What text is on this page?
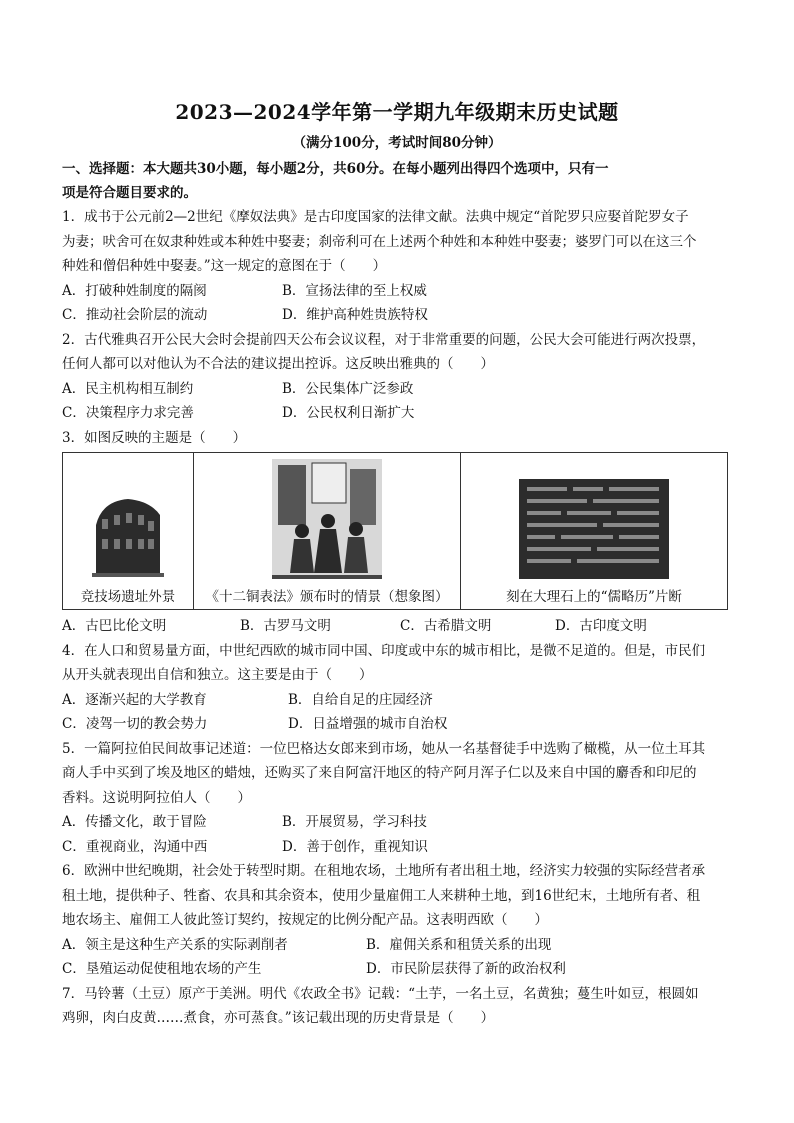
2023—2024学年第一学期九年级期末历史试题
（满分100分，考试时间80分钟）

一、选择题：本大题共30小题，每小题2分，共60分。在每小题列出得四个选项中，只有一

项是符合题目要求的。

1．成书于公元前2—2世纪《摩奴法典》是古印度国家的法律文献。法典中规定“首陀罗只应娶首陀罗女子

为妻；吠舍可在奴隶种姓或本种姓中娶妻；刹帝利可在上述两个种姓和本种姓中娶妻；婆罗门可以在这三个

种姓和僧侣种姓中娶妻。”这一规定的意图在于（　　）

A．打破种姓制度的隔阂	B．宣扬法律的至上权威
C．推动社会阶层的流动	D．维护高种姓贵族特权

2．古代雅典召开公民大会时会提前四天公布会议议程，对于非常重要的问题，公民大会可能进行两次投票，

任何人都可以对他认为不合法的建议提出控诉。这反映出雅典的（　　）

A．民主机构相互制约	B．公民集体广泛参政
C．决策程序力求完善	D．公民权利日渐扩大

3．如图反映的主题是（　　）

竞技场遗址外景	《十二铜表法》颁布时的情景（想象图）	刻在大理石上的“儒略历”片断
A．古巴比伦文明	B．古罗马文明	C．古希腊文明	D．古印度文明

4．在人口和贸易量方面，中世纪西欧的城市同中国、印度或中东的城市相比，是微不足道的。但是，市民们

从开头就表现出自信和独立。这主要是由于（　　）

A．逐渐兴起的大学教育	B．自给自足的庄园经济
C．凌驾一切的教会势力	D．日益增强的城市自治权

5．一篇阿拉伯民间故事记述道：一位巴格达女郎来到市场，她从一名基督徒手中选购了橄榄，从一位土耳其

商人手中买到了埃及地区的蜡烛，还购买了来自阿富汗地区的特产阿月浑子仁以及来自中国的麝香和印尼的

香料。这说明阿拉伯人（　　）

A．传播文化，敢于冒险	B．开展贸易，学习科技
C．重视商业，沟通中西	D．善于创作，重视知识

6．欧洲中世纪晚期，社会处于转型时期。在租地农场，土地所有者出租土地，经济实力较强的实际经营者承

租土地，提供种子、牲畜、农具和其余资本，使用少量雇佣工人来耕种土地，到16世纪末，土地所有者、租

地农场主、雇佣工人彼此签订契约，按规定的比例分配产品。这表明西欧（　　）

A．领主是这种生产关系的实际剥削者	B．雇佣关系和租赁关系的出现
C．垦殖运动促使租地农场的产生	D．市民阶层获得了新的政治权利

7．马铃薯（土豆）原产于美洲。明代《农政全书》记载：“土芋，一名土豆，名黄独；蔓生叶如豆，根圆如

鸡卵，肉白皮黄……煮食，亦可蒸食。”该记载出现的历史背景是（　　）
